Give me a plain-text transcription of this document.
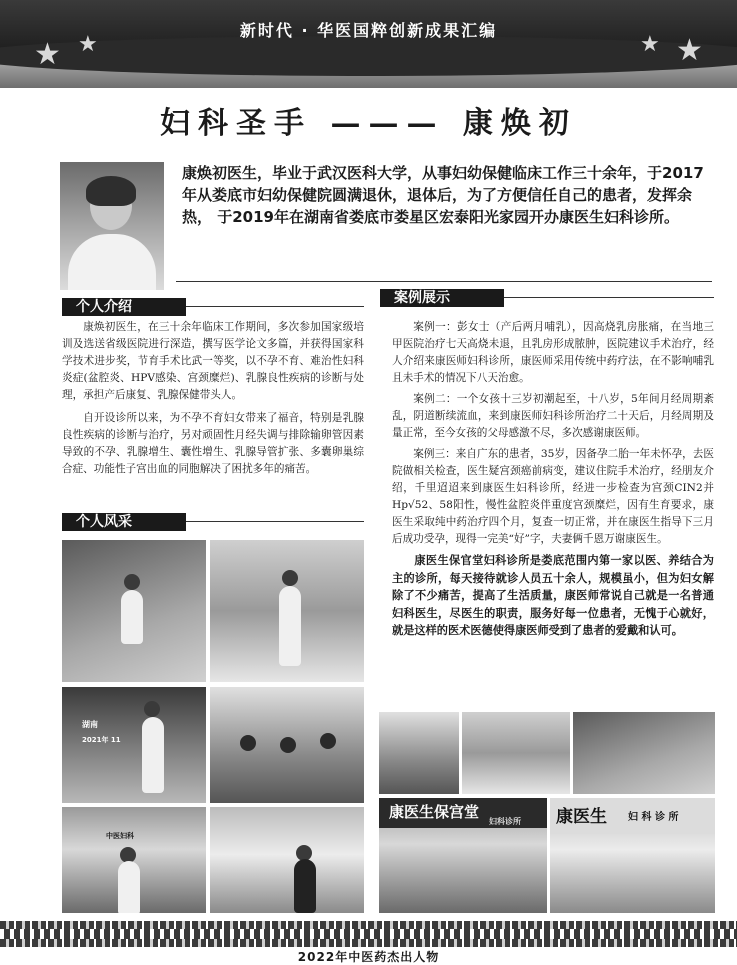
★ ★	★ ★
新时代 · 华医国粹创新成果汇编
妇科圣手 ——— 康焕初
康焕初医生，毕业于武汉医科大学，从事妇幼保健临床工作三十余年，于2017年从娄底市妇幼保健院圆满退休，退体后，为了方便信任自己的患者，发挥余热， 于2019年在湖南省娄底市娄星区宏泰阳光家园开办康医生妇科诊所。
个人介绍

康焕初医生，在三十余年临床工作期间，多次参加国家级培训及选送省级医院进行深造，撰写医学论文多篇，并获得国家科学技术进步奖，节育手术比武一等奖，以不孕不育、难治性妇科炎症(盆腔炎、HPV感染、宫颈糜烂)、乳腺良性疾病的诊断与处理，承担产后康复、乳腺保健带头人。

自开设诊所以来，为不孕不育妇女带来了福音，特别是乳腺良性疾病的诊断与治疗，另对顽固性月经失调与排除输卵管因素导致的不孕、乳腺增生、囊性增生、乳腺导管扩张、多囊卵巢综合症、功能性子宫出血的同胞解决了困扰多年的痛苦。

个人风采
湖南
2021年 11
中医妇科
案例展示

案例一：彭女士（产后两月哺乳），因高烧乳房胀痛，在当地三甲医院治疗七天高烧未退，且乳房形成脓肿，医院建议手术治疗，经人介绍来康医师妇科诊所，康医师采用传统中药疗法，在不影响哺乳且未手术的情况下八天治愈。

案例二：一个女孩十三岁初潮起至，十八岁，5年间月经周期紊乱，阴道断续流血，来到康医师妇科诊所治疗二十天后，月经周期及量正常，至今女孩的父母感激不尽，多次感谢康医师。

案例三：来自广东的患者，35岁，因备孕二胎一年未怀孕，去医院做相关检查，医生疑宫颈癌前病变，建议住院手术治疗，经朋友介绍，千里迢迢来到康医生妇科诊所，经进一步检查为宫颈CIN2并Hp√52、58阳性，慢性盆腔炎伴重度宫颈糜烂，因有生育要求，康医生采取纯中药治疗四个月，复查一切正常，并在康医生指导下三月后成功受孕，现得一完美“好”字，夫妻俩千恩万谢康医生。

康医生保官堂妇科诊所是娄底范围内第一家以医、养结合为主的诊所，每天接待就诊人员五十余人，规模虽小，但为妇女解除了不少痛苦，提高了生活质量，康医师常说自己就是一名普通妇科医生，尽医生的职责，服务好每一位患者，无愧于心就好，就是这样的医术医德使得康医师受到了患者的爱戴和认可。

康医生保宫堂
妇科诊所 康医生 妇 科 诊 所
2022年中医药杰出人物
